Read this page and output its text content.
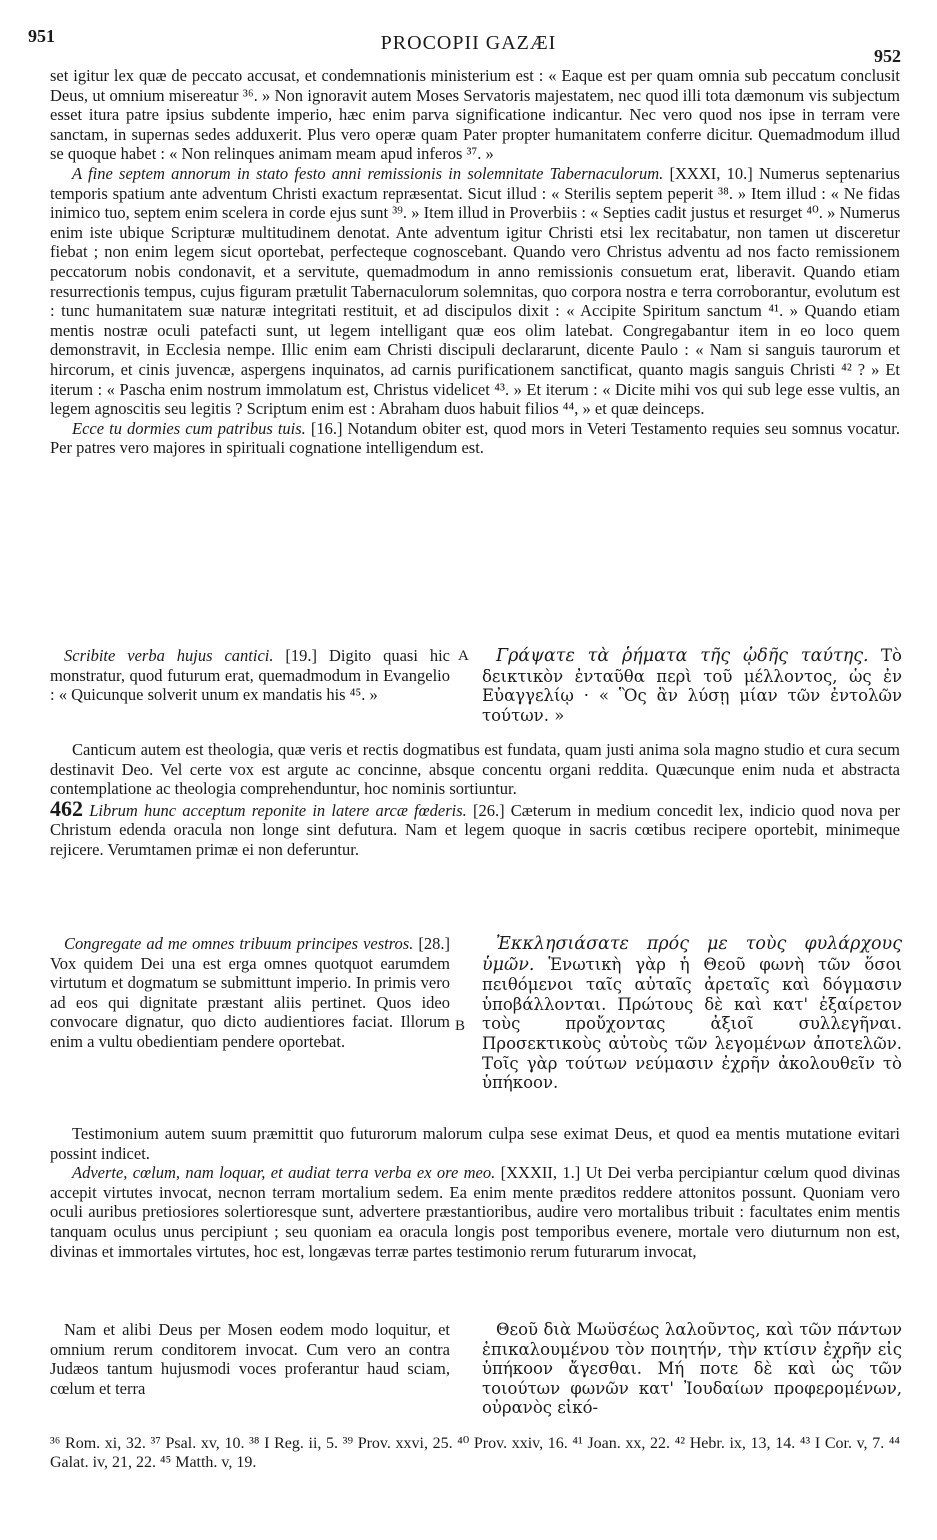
951	PROCOPII GAZÆI
952

set igitur lex quæ de peccato accusat, et condemnationis ministerium est : « Eaque est per quam omnia sub peccatum conclusit Deus, ut omnium misereatur ³⁶. » Non ignoravit autem Moses Servatoris majestatem, nec quod illi tota dæmonum vis subjectum esset itura patre ipsius subdente imperio, hæc enim parva significatione indicantur. Nec vero quod nos ipse in terram vere sanctam, in supernas sedes adduxerit. Plus vero operæ quam Pater propter humanitatem conferre dicitur. Quemadmodum illud se quoque habet : « Non relinques animam meam apud inferos ³⁷. »

A fine septem annorum in stato festo anni remissionis in solemnitate Tabernaculorum. [XXXI, 10.] Numerus septenarius temporis spatium ante adventum Christi exactum repræsentat. Sicut illud : « Sterilis septem peperit ³⁸. » Item illud : « Ne fidas inimico tuo, septem enim scelera in corde ejus sunt ³⁹. » Item illud in Proverbiis : « Septies cadit justus et resurget ⁴⁰. » Numerus enim iste ubique Scripturæ multitudinem denotat. Ante adventum igitur Christi etsi lex recitabatur, non tamen ut disceretur fiebat ; non enim legem sicut oportebat, perfecteque cognoscebant. Quando vero Christus adventu ad nos facto remissionem peccatorum nobis condonavit, et a servitute, quemadmodum in anno remissionis consuetum erat, liberavit. Quando etiam resurrectionis tempus, cujus figuram prætulit Tabernaculorum solemnitas, quo corpora nostra e terra corroborantur, evolutum est : tunc humanitatem suæ naturæ integritati restituit, et ad discipulos dixit : « Accipite Spiritum sanctum ⁴¹. » Quando etiam mentis nostræ oculi patefacti sunt, ut legem intelligant quæ eos olim latebat. Congregabantur item in eo loco quem demonstravit, in Ecclesia nempe. Illic enim eam Christi discipuli declararunt, dicente Paulo : « Nam si sanguis taurorum et hircorum, et cinis juvencæ, aspergens inquinatos, ad carnis purificationem sanctificat, quanto magis sanguis Christi ⁴² ? » Et iterum : « Pascha enim nostrum immolatum est, Christus videlicet ⁴³. » Et iterum : « Dicite mihi vos qui sub lege esse vultis, an legem agnoscitis seu legitis ? Scriptum enim est : Abraham duos habuit filios ⁴⁴, » et quæ deinceps.

Ecce tu dormies cum patribus tuis. [16.] Notandum obiter est, quod mors in Veteri Testamento requies seu somnus vocatur. Per patres vero majores in spirituali cognatione intelligendum est.

Scribite verba hujus cantici. [19.] Digito quasi hic monstratur, quod futurum erat, quemadmodum in Evangelio : « Quicunque solverit unum ex mandatis his ⁴⁵. »

A	Γράψατε τὰ ῥήματα τῆς ᾠδῆς ταύτης. Τὸ δεικτικὸν ἐνταῦθα περὶ τοῦ μέλλοντος, ὡς ἐν Εὐαγγελίῳ · « Ὃς ἂν λύσῃ μίαν τῶν ἐντολῶν τούτων. »

Canticum autem est theologia, quæ veris et rectis dogmatibus est fundata, quam justi anima sola magno studio et cura secum destinavit Deo. Vel certe vox est argute ac concinne, absque concentu organi reddita. Quæcunque enim nuda et abstracta contemplatione ac theologia comprehenduntur, hoc nominis sortiuntur.

462 Librum hunc acceptum reponite in latere arcæ fœderis. [26.] Cæterum in medium concedit lex, indicio quod nova per Christum edenda oracula non longe sint defutura. Nam et legem quoque in sacris cœtibus recipere oportebit, minimeque rejicere. Verumtamen primæ ei non deferuntur.

Congregate ad me omnes tribuum principes vestros. [28.] Vox quidem Dei una est erga omnes quotquot earumdem virtutum et dogmatum se submittunt imperio. In primis vero ad eos qui dignitate præstant aliis pertinet. Quos ideo convocare dignatur, quo dicto audientiores faciat. Illorum enim a vultu obedientiam pendere oportebat.

B

Ἐκκλησιάσατε πρός με τοὺς φυλάρχους ὑμῶν. Ἑνωτικὴ γὰρ ἡ Θεοῦ φωνὴ τῶν ὅσοι πειθόμενοι ταῖς αὐταῖς ἀρεταῖς καὶ δόγμασιν ὑποβάλλονται. Πρώτους δὲ καὶ κατ' ἐξαίρετον τοὺς προὔχοντας ἀξιοῖ συλλεγῆναι. Προσεκτικοὺς αὐτοὺς τῶν λεγομένων ἀποτελῶν. Τοῖς γὰρ τούτων νεύμασιν ἐχρῆν ἀκολουθεῖν τὸ ὑπήκοον.

Testimonium autem suum præmittit quo futurorum malorum culpa sese eximat Deus, et quod ea mentis mutatione evitari possint indicet.

Adverte, cœlum, nam loquar, et audiat terra verba ex ore meo. [XXXII, 1.] Ut Dei verba percipiantur cœlum quod divinas accepit virtutes invocat, necnon terram mortalium sedem. Ea enim mente præditos reddere attonitos possunt. Quoniam vero oculi auribus pretiosiores solertioresque sunt, advertere præstantioribus, audire vero mortalibus tribuit : facultates enim mentis tanquam oculus unus percipiunt ; seu quoniam ea oracula longis post temporibus evenere, mortale vero diuturnum non est, divinas et immortales virtutes, hoc est, longævas terræ partes testimonio rerum futurarum invocat,

Nam et alibi Deus per Mosen eodem modo loquitur, et omnium rerum conditorem invocat. Cum vero an contra Judæos tantum hujusmodi voces proferantur haud sciam, cœlum et terra

Θεοῦ διὰ Μωϋσέως λαλοῦντος, καὶ τῶν πάντων ἐπικαλουμένου τὸν ποιητήν, τὴν κτίσιν ἐχρῆν εἰς ὑπήκοον ἄγεσθαι. Μή ποτε δὲ καὶ ὡς τῶν τοιούτων φωνῶν κατ' Ἰουδαίων προφερομένων, οὐρανὸς εἰκό-

³⁶ Rom. xi, 32. ³⁷ Psal. xv, 10. ³⁸ I Reg. ii, 5. ³⁹ Prov. xxvi, 25. ⁴⁰ Prov. xxiv, 16. ⁴¹ Joan. xx, 22. ⁴² Hebr. ix, 13, 14. ⁴³ I Cor. v, 7. ⁴⁴ Galat. iv, 21, 22. ⁴⁵ Matth. v, 19.
